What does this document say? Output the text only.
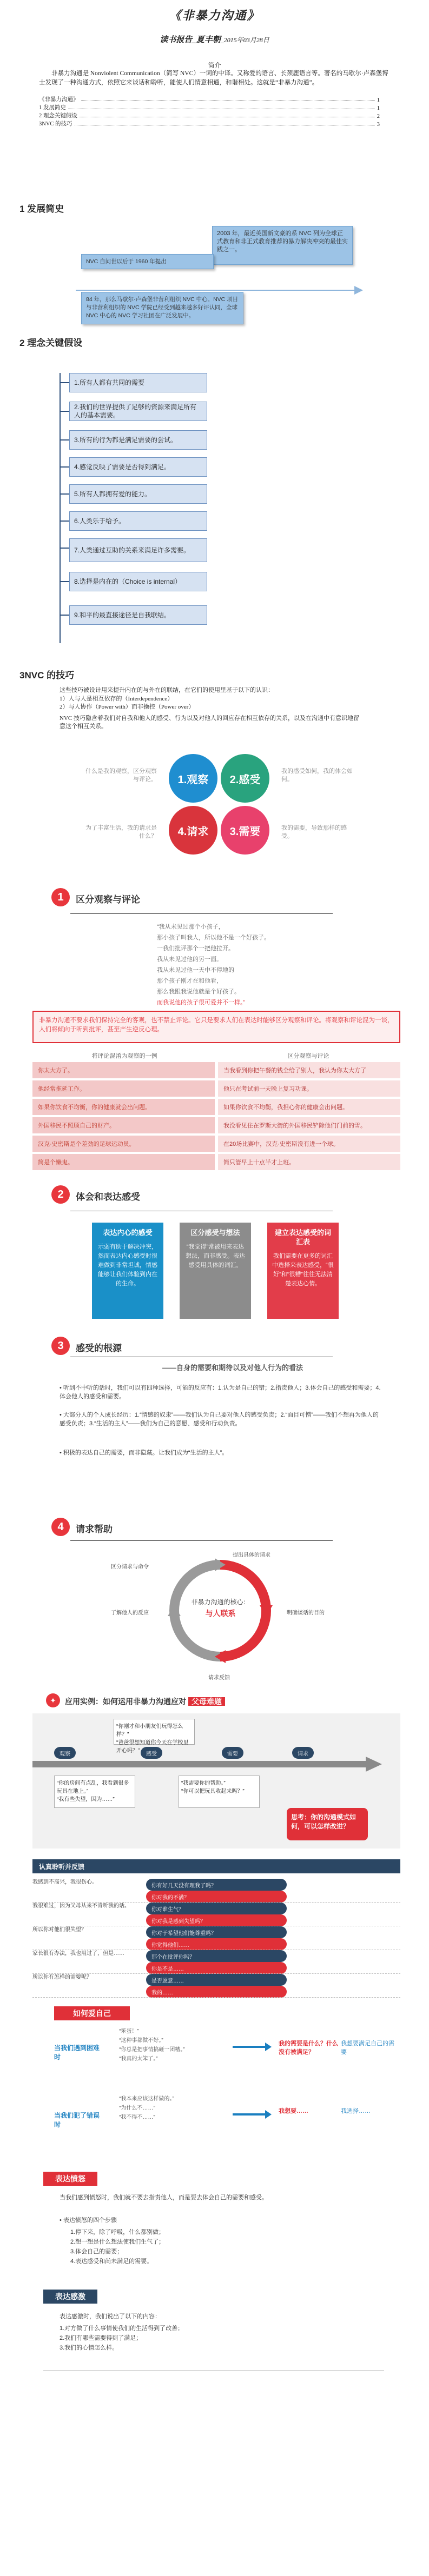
《非暴力沟通》
读书报告_夏丰朝_2015年03月28日
简介
非暴力沟通是 Nonviolent Communication（简写 NVC）一词的中译。又称爱的语言、长颈鹿语言等。著名的马歇尔·卢森堡博士发现了一种沟通方式，依照它来谈话和聆听，能使人们情意相通，和谐相处。这就是“非暴力沟通”。
《非暴力沟通》	1
1 发展简史	1
2 理念关键假设	2
3NVC 的技巧	3
1 发展简史
2003 年，最近英国新文豪的系 NVC 列为全球正式教育和非正式教育推荐的暴力解决冲突的最佳实践之一。
NVC 自问世以后于 1960 年提出
84 年，那么马歇尔·卢森堡非营利组织 NVC 中心。NVC 项目与非营利组织的 NVC 学院已经受到越来越多好评认同，全球 NVC 中心的 NVC 学习社团在广泛发展中。
2 理念关键假设
1.所有人都有共同的需要
2.我们的世界提供了足够的资源来满足所有人的基本需要。
3.所有的行为都是满足需要的尝试。
4.感觉反映了需要是否得到满足。
5.所有人都拥有爱的能力。
6.人类乐于给予。
7.人类通过互助的关系来满足许多需要。
8.选择是内在的（Choice is internal）
9.和平的最直接途径是自我联结。
3NVC 的技巧
这些技巧被设计用来提升内在的与外在的联结，在它们的使用里基于以下的认识：
1）人与人是相互依存的（Interdependence）
2）与人协作（Power with）而非操控（Power over）
NVC 技巧隐含着我们对自我和他人的感受、行为以及对他人的回应存在相互依存的关系，以及在沟通中有意识地留意这个相互关系。
1.观察	2.感受
4.请求	3.需要
什么是我的观察，区分观察与评论。
我的感受如何，我的体会如何。
为了丰富生活，我的请求是什么？
我的需要，导致那样的感受。
1	区分观察与评论
“我从未见过那个小孩子，
那小孩子叫我人，所以他不是一个好孩子。
一我们批评那个一把他拉开。
我从未见过他的另一面。
我从未见过他一天中不停地的
那个孩子刚才在和他看，
那么我跟我说他就是个好孩子。
而我说他的孩子很可爱并不一样。”
非暴力沟通不要求我们保持完全的客观，也不禁止评论。它只是要求人们在表达时能够区分观察和评论。将观察和评论混为一谈，人们将倾向于听到批评，甚至产生逆反心理。
将评论混淆为观察的一例	区分观察与评论
你太大方了。	当我看到你把午餐的钱全给了别人，我认为你太大方了
他经常拖延工作。	他只在考试前一天晚上复习功课。
如果你饮食不均衡，你的健康就会出问题。	如果你饮食不均衡，我担心你的健康会出问题。
外国移民不照顾自己的财产。	我没看见住在罗斯大街的外国移民铲除他们门前的雪。
汉克·史密斯是个差劲的足球运动员。	在20场比赛中，汉克·史密斯没有进一个球。
简是个懒鬼。	简只管早上十点半才上班。
2	体会和表达感受
表达内心的感受
示弱有助于解决冲突，然而表达内心感受时很难做到非常坦诚，情感能够让我们体验到内在的生命。
区分感受与想法
“我觉得”常被用来表达想法，而非感受。表达感受用具体的词汇。
建立表达感受的词汇表
我们需要在更多的词汇中选择来表达感受，“很好”和“很糟”往往无法清楚表达心情。
3	感受的根源
——自身的需要和期待以及对他人行为的看法
• 听到不中听的话时，我们可以有四种选择，可能的反应有：1.认为是自己的错；2.指责他人；3.体会自己的感受和需要；4.体会他人的感受和需要。
• 大部分人的个人成长经历：1.“情感的奴隶”——我们认为自己要对他人的感受负责；2.“面目可憎”——我们不想再为他人的感受负责；3.“生活的主人”——我们为自己的意愿、感受和行动负责。
• 积极的表达自己的需要，而非隐藏。让我们成为“生活的主人”。
4	请求帮助
非暴力沟通的核心：
与人联系
提出具体的请求
明确谈话的目的
请求反馈
了解他人的反应
区分请求与命令
✦	应用实例：如何运用非暴力沟通应对 父母难题
观察	感受	需要	请求
“你刚才和小朋友们玩得怎么样？”
“爸爸很想知道你今天在学校里开心吗？”
“你的房间有点乱，我看到很多玩具在地上。”
“我有些失望，因为……”
“我需要你的帮助。”
“你可以把玩具收起来吗？”
思考：你的沟通模式如何，可以怎样改进？
认真聆听并反馈
我感到不高兴，我很伤心。
你有好几天没有理我了吗？
你对我的不满？
我很难过，因为父母从来不肯听我的话。
你对谁生气？
你对我是感到失望吗？
所以你对他们很失望？
你对于希望他们能尊重吗？
你觉得他们……
家长很有办法，我也用过了，但是……
那个在批评你吗？
你是不是……
所以你有怎样的需要呢？
是否愿意……
我的……
如何爱自己
当我们遇到困难时
“笨蛋！”
“这种事都做不好。”
“你总是把事情搞砸一团糟。”
“我真的太笨了。”
我的需要是什么？什么没有被满足？
我想要满足自己的需要
当我们犯了错误时
“我本来应该这样做的。”
“为什么不……”
“我不得不……”
我想要……	我选择……
表达愤怒
当我们感到愤怒时，我们就不要去指责他人，而是要去体会自己的需要和感受。
• 表达愤怒的四个步骤
1.停下来，除了呼吸，什么都别做；
2.想一想是什么想法使我们生气了；
3.体会自己的需要；
4.表达感受和尚未满足的需要。
表达感激
表达感激时，我们说出了以下的内容：
1.对方做了什么事情使我们的生活得到了改善；
2.我们有哪些需要得到了满足；
3.我们的心情怎么样。
